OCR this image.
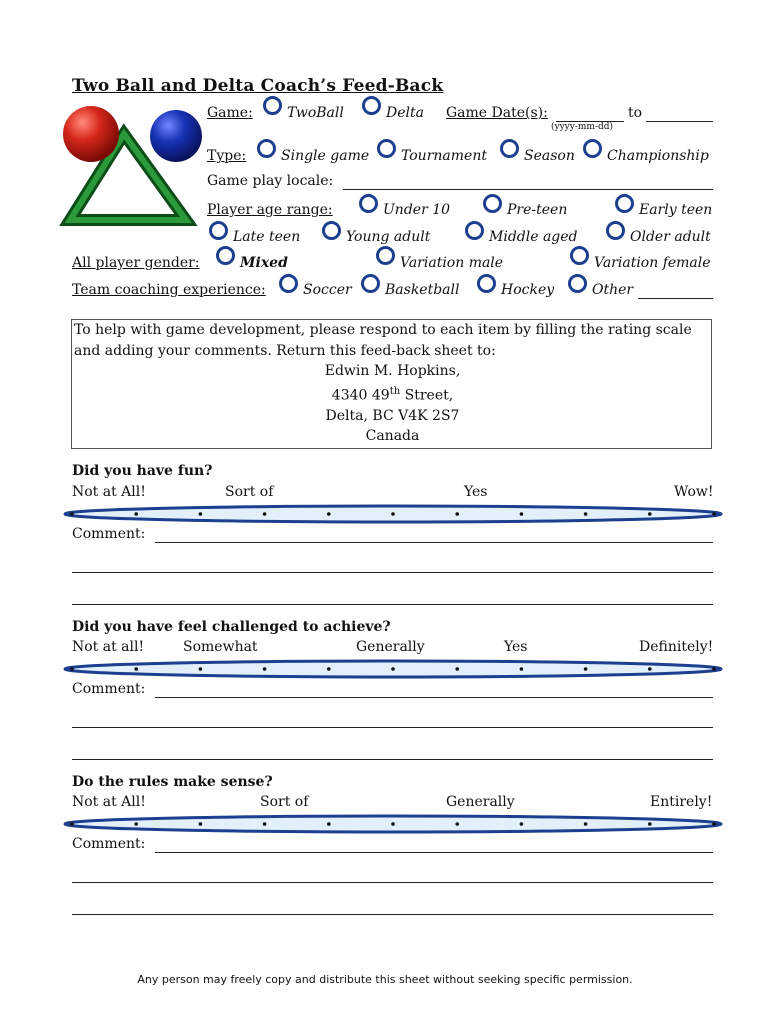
Two Ball and Delta Coach’s Feed-Back
Game: TwoBall	Delta Game Date(s):	to
(yyyy-mm-dd)
Type: Single game Tournament	Season Championship
Game play locale:
Player age range:	Under 10	Pre-teen	Early teen
Late teen	Young adult	Middle aged	Older adult
All player gender:	Mixed	Variation male	Variation female
Team coaching experience:	Soccer Basketball	Hockey	Other
To help with game development, please respond to each item by filling the rating scale and adding your comments. Return this feed-back sheet to:
Edwin M. Hopkins,
4340 49th Street,
Delta, BC V4K 2S7
Canada
Did you have fun?
Not at All!	Sort of	Yes	Wow!
Comment:
Did you have feel challenged to achieve?
Not at all!	Somewhat	Generally	Yes	Definitely!
Comment:
Do the rules make sense?
Not at All!	Sort of	Generally	Entirely!
Comment:
Any person may freely copy and distribute this sheet without seeking specific permission.
